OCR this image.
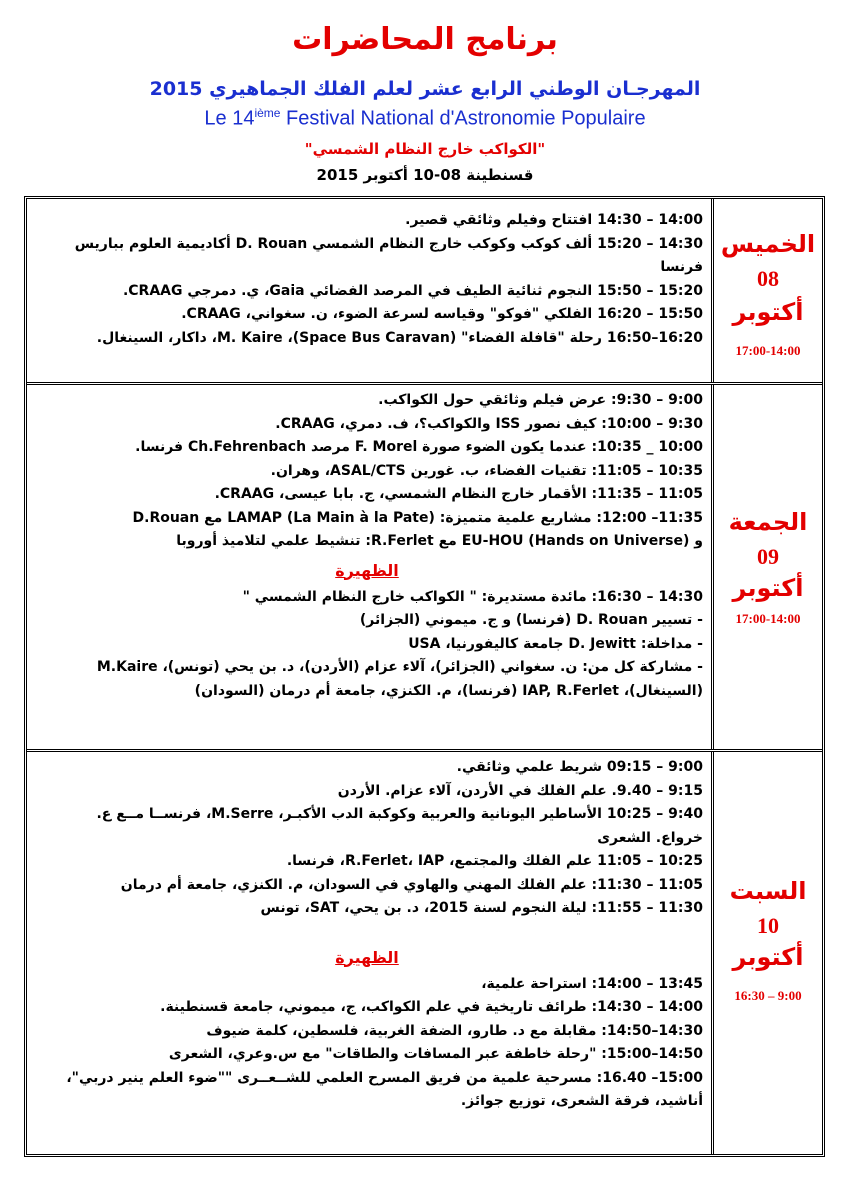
برنامج المحاضرات
المهرجـان الوطني الرابع عشر لعلم الفلك الجماهيري 2015
Le 14ième Festival National d'Astronomie Populaire
"الكواكب خارج النظام الشمسي"
قسنطينة 08-10 أكتوبر 2015
الخميس
08
أكتوبر
17:00-14:00
14:00 – 14:30 افتتاح وفيلم وثائقي قصير.
14:30 – 15:20 ألف كوكب وكوكب خارج النظام الشمسي D. Rouan أكاديمية العلوم بباريس
فرنسا
15:20 – 15:50 النجوم ثنائية الطيف في المرصد الفضائي Gaia، ي. دمرجي CRAAG.
15:50 – 16:20 الفلكي "فوكو" وقياسه لسرعة الضوء، ن. سغواني، CRAAG.
16:20–16:50 رحلة "قافلة الفضاء" (Space Bus Caravan)، M. Kaire، داكار، السينغال.
الجمعة
09
أكتوبر
17:00-14:00
9:00 – 9:30: عرض فيلم وثائقي حول الكواكب.
9:30 – 10:00: كيف نصور ISS والكواكب؟، ف. دمري، CRAAG.
10:00 _ 10:35: عندما يكون الضوء صورة F. Morel مرصد Ch.Fehrenbach فرنسا.
10:35 – 11:05: تقنيات الفضاء، ب. غورين ASAL/CTS، وهران.
11:05 – 11:35: الأقمار خارج النظام الشمسي، ج. بابا عيسى، CRAAG.
11:35– 12:00: مشاريع علمية متميزة: LAMAP (La Main à la Pate) مع D.Rouan
و EU-HOU (Hands on Universe) مع R.Ferlet: تنشيط علمي لتلاميذ أوروبا
الظهيرة
14:30 – 16:30: مائدة مستديرة: " الكواكب خارج النظام الشمسي "
- تسيير D. Rouan (فرنسا) و ج. ميموني (الجزائر)
- مداخلة: D. Jewitt جامعة كاليفورنيا، USA
- مشاركة كل من: ن. سغواني (الجزائر)، آلاء عزام (الأردن)، د. بن يحي (تونس)، M.Kaire
(السينغال)، IAP, R.Ferlet (فرنسا)، م. الكنزي، جامعة أم درمان (السودان)
السبت
10
أكتوبر
16:30 – 9:00
9:00 – 09:15 شريط علمي وثائقي.
9:15 – 9.40. علم الفلك في الأردن، آلاء عزام. الأردن
9:40 – 10:25 الأساطير اليونانية والعربية وكوكبة الدب الأكبـر، M.Serre، فرنســا مــع ع.
خرواع. الشعرى
10:25 – 11:05 علم الفلك والمجتمع، R.Ferlet، IAP، فرنسا.
11:05 – 11:30: علم الفلك المهني والهاوي في السودان، م. الكنزي، جامعة أم درمان
11:30 – 11:55: ليلة النجوم لسنة 2015، د. بن يحي، SAT، تونس
الظهيرة
13:45 – 14:00: استراحة علمية،
14:00 – 14:30: طرائف تاريخية في علم الكواكب، ج، ميموني، جامعة قسنطينة.
14:30–14:50: مقابلة مع د. طارو، الضفة الغربية، فلسطين، كلمة ضيوف
14:50–15:00: "رحلة خاطفة عبر المسافات والطاقات" مع س.وعري، الشعرى
15:00– 16.40: مسرحية علمية من فريق المسرح العلمي للشــعــرى ""ضوء العلم ينير دربي"،
أناشيد، فرقة الشعرى، توزيع جوائز.
